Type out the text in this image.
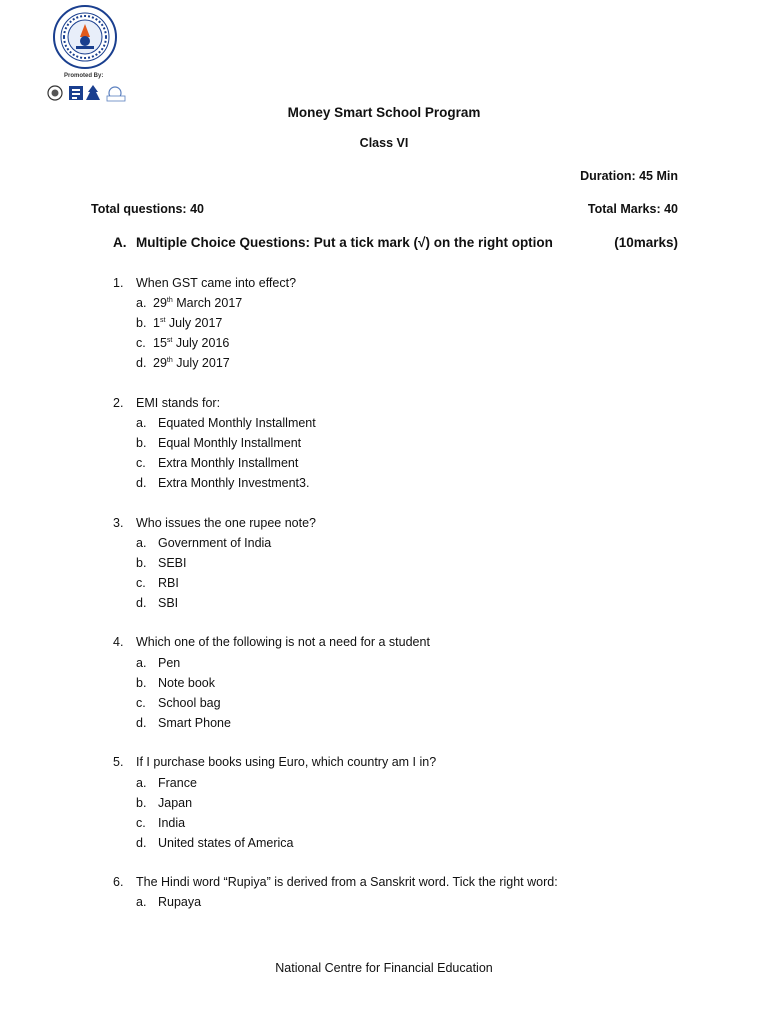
Promoted By:
Money Smart School Program
Class VI
Duration: 45 Min
Total questions: 40	Total Marks: 40
A. Multiple Choice Questions: Put a tick mark (√) on the right option	(10marks)
1.	When GST came into effect?
a. 29th March 2017
b. 1st July 2017
c. 15st July 2016
d. 29th July 2017
2.	EMI stands for:
a. Equated Monthly Installment
b. Equal Monthly Installment
c. Extra Monthly Installment
d. Extra Monthly Investment3.
3.	Who issues the one rupee note?
a. Government of India
b. SEBI
c. RBI
d. SBI
4.	Which one of the following is not a need for a student
a. Pen
b. Note book
c. School bag
d. Smart Phone
5.	If I purchase books using Euro, which country am I in?
a. France
b. Japan
c. India
d. United states of America
6.	The Hindi word “Rupiya” is derived from a Sanskrit word. Tick the right word:
a. Rupaya
National Centre for Financial Education
